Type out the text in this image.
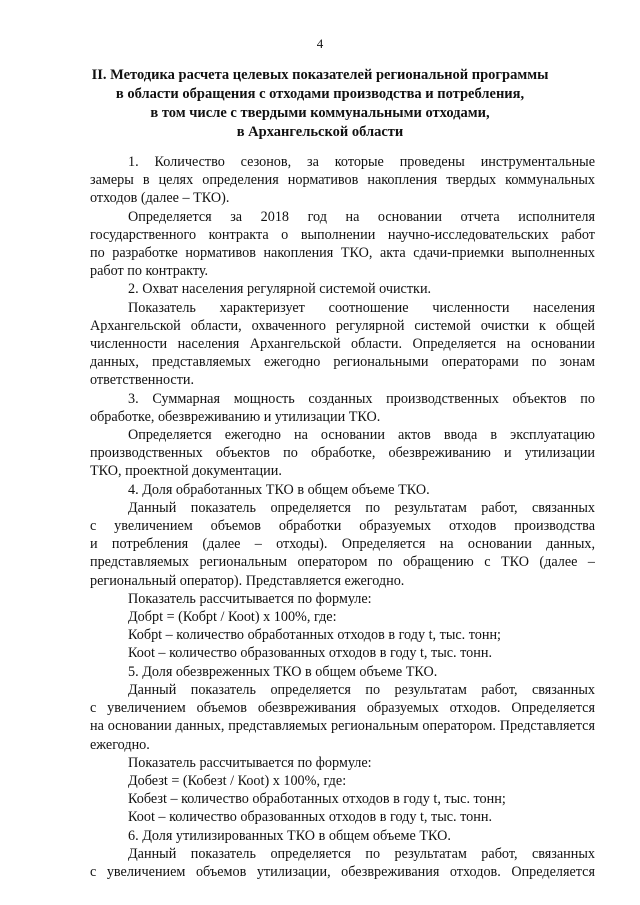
4
II. Методика расчета целевых показателей региональной программы
в области обращения с отходами производства и потребления,
в том числе с твердыми коммунальными отходами,
в Архангельской области
1. Количество сезонов, за которые проведены инструментальные
замеры в целях определения нормативов накопления твердых коммунальных
отходов (далее – ТКО).
Определяется за 2018 год на основании отчета исполнителя
государственного контракта о выполнении научно-исследовательских работ
по разработке нормативов накопления ТКО, акта сдачи-приемки выполненных
работ по контракту.
2. Охват населения регулярной системой очистки.
Показатель характеризует соотношение численности населения
Архангельской области, охваченного регулярной системой очистки к общей
численности населения Архангельской области. Определяется на основании
данных, представляемых ежегодно региональными операторами по зонам
ответственности.
3. Суммарная мощность созданных производственных объектов по
обработке, обезвреживанию и утилизации ТКО.
Определяется ежегодно на основании актов ввода в эксплуатацию
производственных объектов по обработке, обезвреживанию и утилизации
ТКО, проектной документации.
4. Доля обработанных ТКО в общем объеме ТКО.
Данный показатель определяется по результатам работ, связанных
с увеличением объемов обработки образуемых отходов производства
и потребления (далее – отходы). Определяется на основании данных,
представляемых региональным оператором по обращению с ТКО (далее –
региональный оператор). Представляется ежегодно.
Показатель рассчитывается по формуле:
Добрt = (Кобрt / Коot) x 100%, где:
Кобрt – количество обработанных отходов в году t, тыс. тонн;
Коot – количество образованных отходов в году t, тыс. тонн.
5. Доля обезвреженных ТКО в общем объеме ТКО.
Данный показатель определяется по результатам работ, связанных
с увеличением объемов обезвреживания образуемых отходов. Определяется
на основании данных, представляемых региональным оператором. Представляется
ежегодно.
Показатель рассчитывается по формуле:
Добезt = (Кобезt / Коot) x 100%, где:
Кобезt – количество обработанных отходов в году t, тыс. тонн;
Коot – количество образованных отходов в году t, тыс. тонн.
6. Доля утилизированных ТКО в общем объеме ТКО.
Данный показатель определяется по результатам работ, связанных
с увеличением объемов утилизации, обезвреживания отходов. Определяется
